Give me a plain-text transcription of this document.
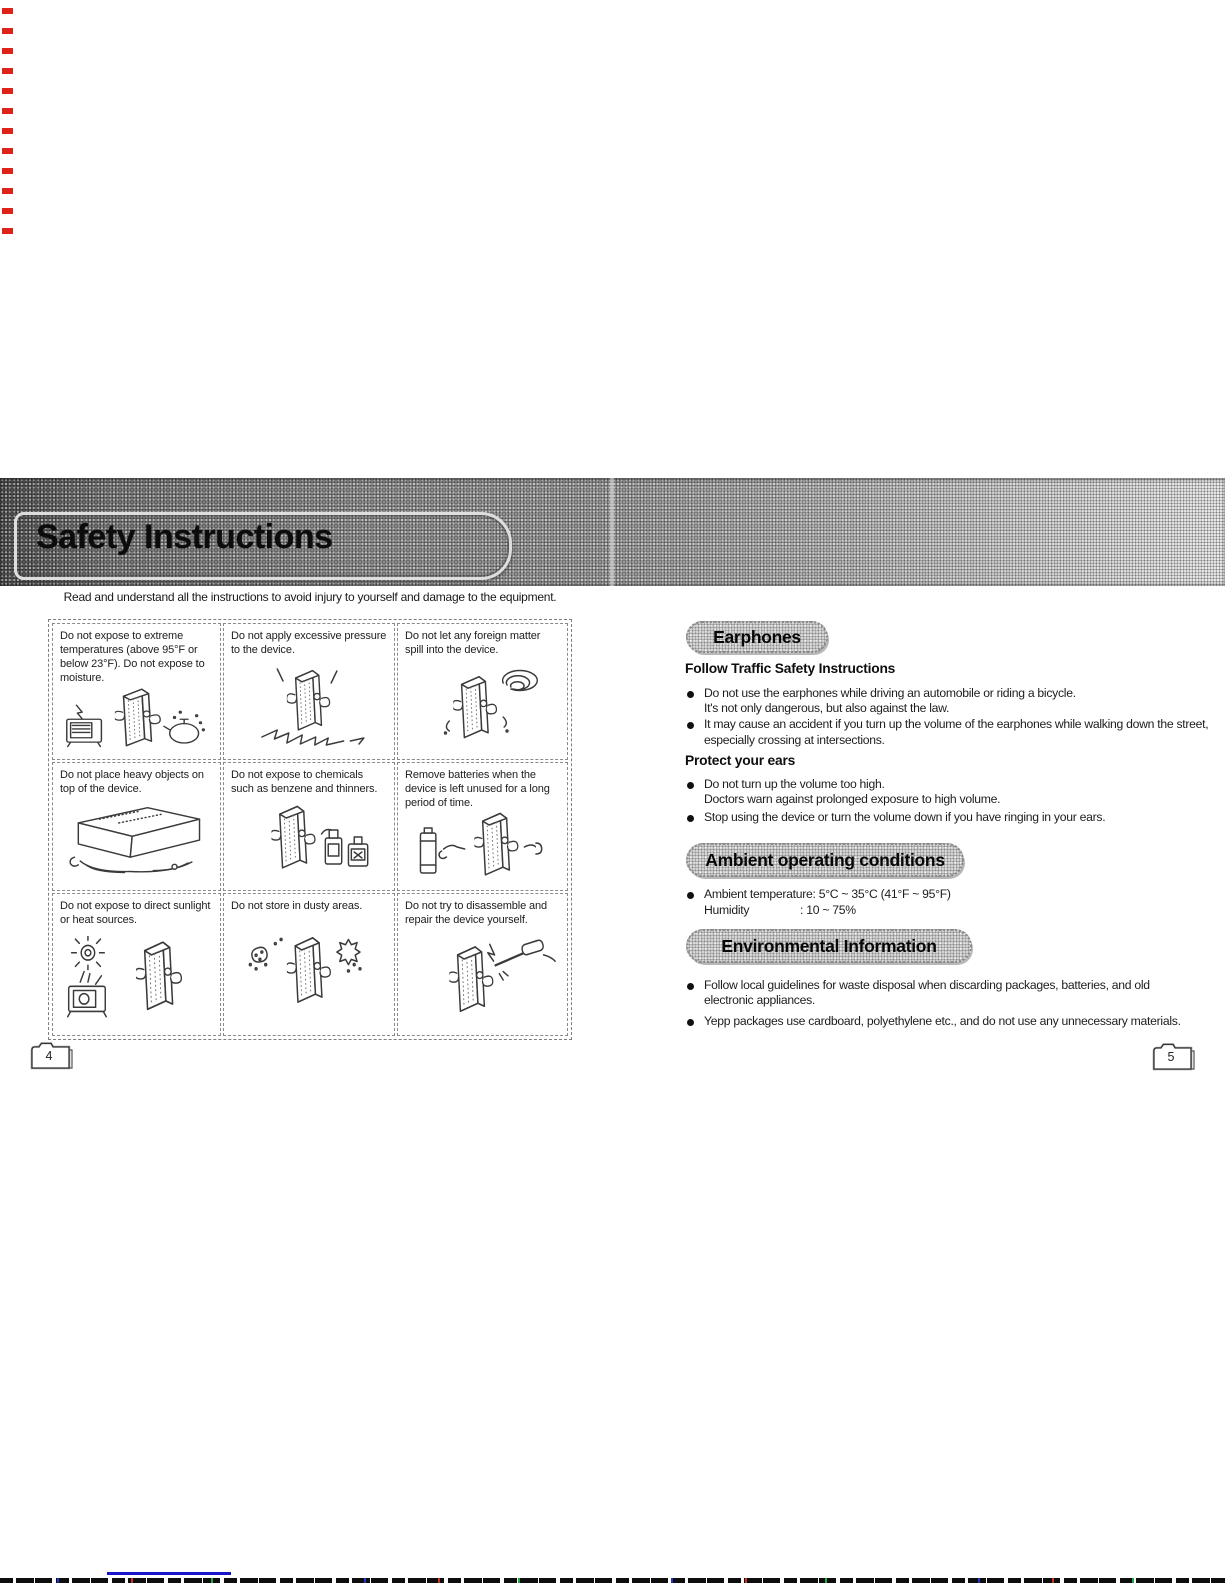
Safety Instructions
Read and understand all the instructions to avoid injury to yourself and damage to the equipment.
Do not expose to extreme temperatures (above 95°F or below 23°F). Do not expose to moisture.
Do not apply excessive pressure to the device.
Do not let any foreign matter spill into the device.
Do not place heavy objects on top of the device.
Do not expose to chemicals such as benzene and thinners.
Remove batteries when the device is left unused for a long period of time.
Do not expose to direct sunlight or heat sources.
Do not store in dusty areas.	Do not try to disassemble and repair the device yourself.
4
Earphones
Follow Traffic Safety Instructions
Do not use the earphones while driving an automobile or riding a bicycle.
It's not only dangerous, but also against the law.
It may cause an accident if you turn up the volume of the earphones while walking down the street,
especially crossing at intersections.
Protect your ears
Do not turn up the volume too high.
Doctors warn against prolonged exposure to high volume.
Stop using the device or turn the volume down if you have ringing in your ears.
Ambient operating conditions
Ambient temperature: 5°C ~ 35°C (41°F ~ 95°F)
Humidity	: 10 ~ 75%
Environmental Information
Follow local guidelines for waste disposal when discarding packages, batteries, and old
electronic appliances.
Yepp packages use cardboard, polyethylene etc., and do not use any unnecessary materials.
5
